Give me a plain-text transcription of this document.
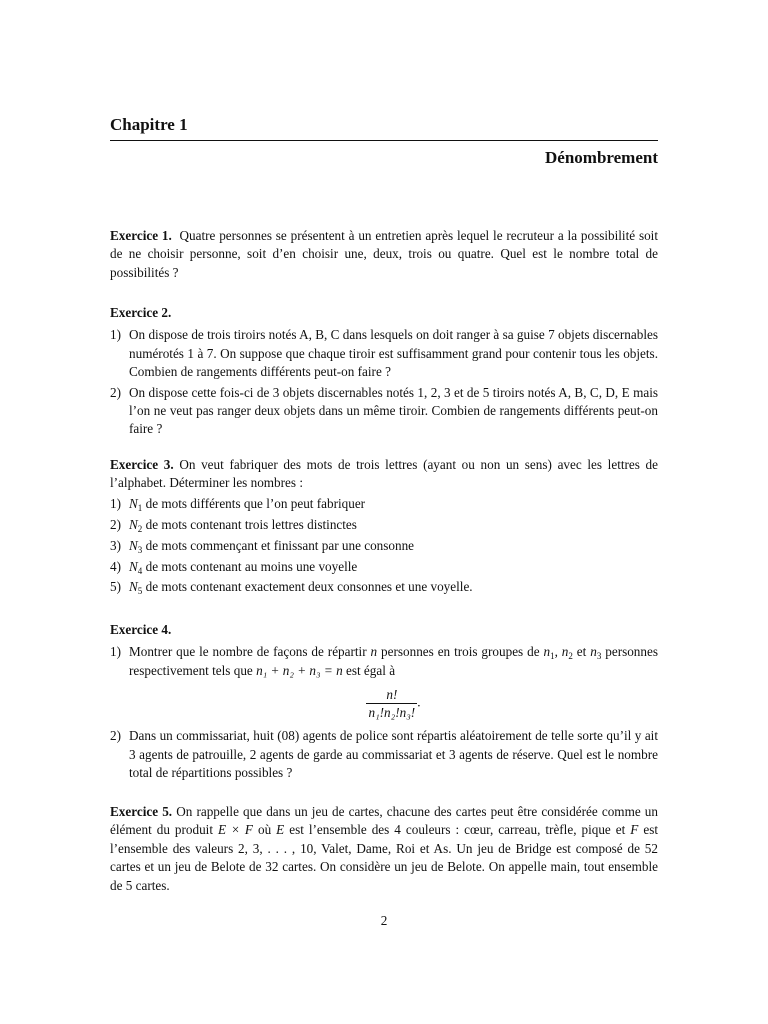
Chapitre 1
Dénombrement
Exercice 1. Quatre personnes se présentent à un entretien après lequel le recruteur a la possibilité soit de ne choisir personne, soit d’en choisir une, deux, trois ou quatre. Quel est le nombre total de possibilités ?
Exercice 2.
1) On dispose de trois tiroirs notés A, B, C dans lesquels on doit ranger à sa guise 7 objets discernables numérotés 1 à 7. On suppose que chaque tiroir est suffisamment grand pour contenir tous les objets. Combien de rangements différents peut-on faire ?
2) On dispose cette fois-ci de 3 objets discernables notés 1, 2, 3 et de 5 tiroirs notés A, B, C, D, E mais l’on ne veut pas ranger deux objets dans un même tiroir. Combien de rangements différents peut-on faire ?
Exercice 3. On veut fabriquer des mots de trois lettres (ayant ou non un sens) avec les lettres de l’alphabet. Déterminer les nombres :
1) $N_1$ de mots différents que l’on peut fabriquer
2) $N_2$ de mots contenant trois lettres distinctes
3) $N_3$ de mots commençant et finissant par une consonne
4) $N_4$ de mots contenant au moins une voyelle
5) $N_5$ de mots contenant exactement deux consonnes et une voyelle.
Exercice 4.
1) Montrer que le nombre de façons de répartir n personnes en trois groupes de $n_1$, $n_2$ et $n_3$ personnes respectivement tels que n₁ + n₂ + n₃ = n est égal à
$\frac{n!}{\text{n₁!n₂!n₃!}}$ .
2) Dans un commissariat, huit (08) agents de police sont répartis aléatoirement de telle sorte qu’il y ait 3 agents de patrouille, 2 agents de garde au commissariat et 3 agents de réserve. Quel est le nombre total de répartitions possibles ?
Exercice 5. On rappelle que dans un jeu de cartes, chacune des cartes peut être considérée comme un élément du produit E × F où E est l’ensemble des 4 couleurs : cœur, carreau, trèfle, pique et F est l’ensemble des valeurs 2, 3, . . . , 10, Valet, Dame, Roi et As. Un jeu de Bridge est composé de 52 cartes et un jeu de Belote de 32 cartes. On considère un jeu de Belote. On appelle main, tout ensemble de 5 cartes.
2
